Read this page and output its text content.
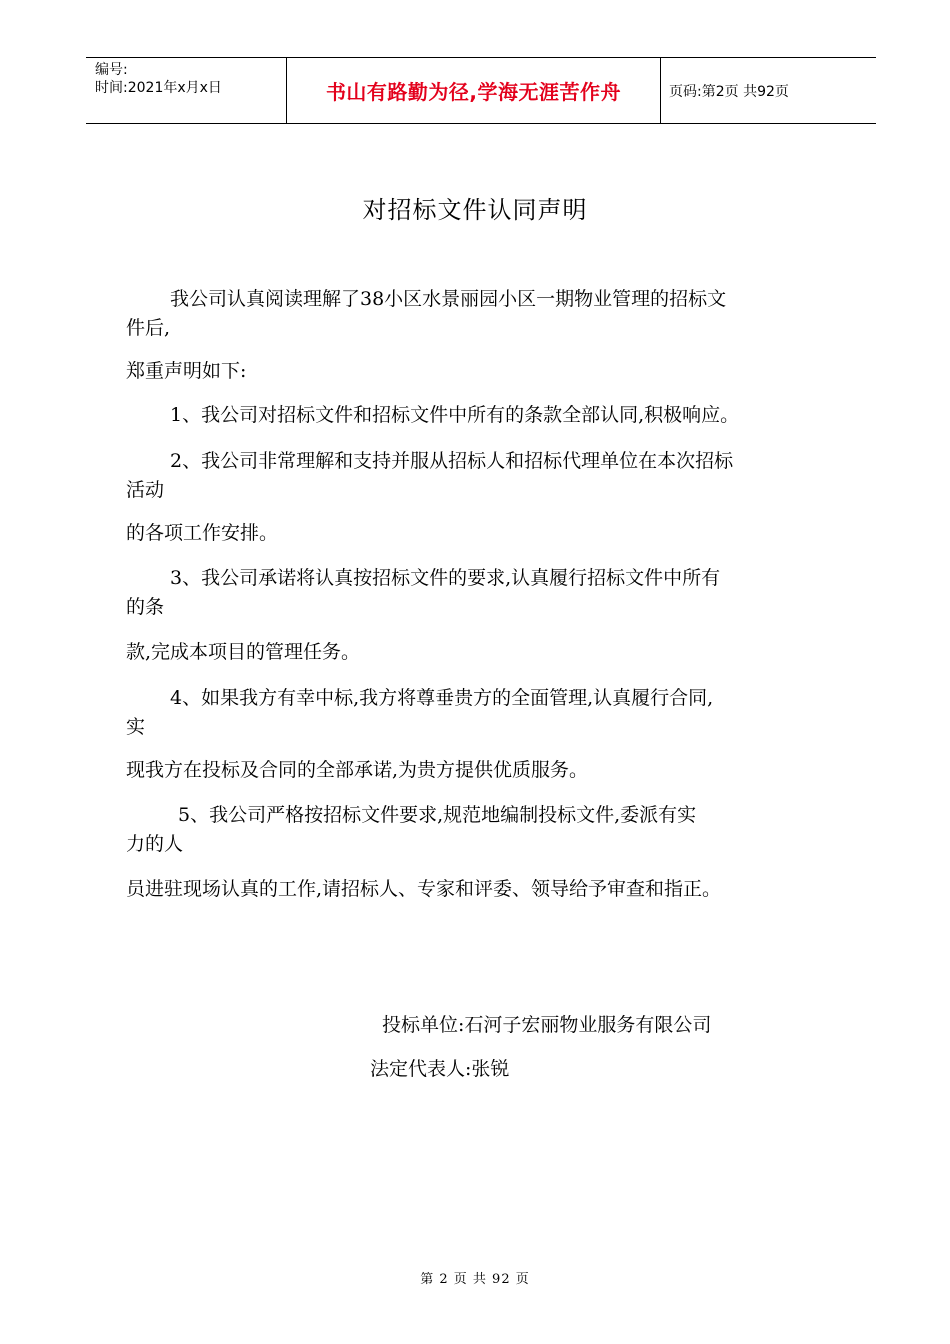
编号:
时间:2021年x月x日	书山有路勤为径,学海无涯苦作舟	页码:第2页 共92页
对招标文件认同声明
我公司认真阅读理解了38小区水景丽园小区一期物业管理的招标文
件后,
郑重声明如下:
1、我公司对招标文件和招标文件中所有的条款全部认同,积极响应。
2、我公司非常理解和支持并服从招标人和招标代理单位在本次招标
活动
的各项工作安排。
3、我公司承诺将认真按招标文件的要求,认真履行招标文件中所有
的条
款,完成本项目的管理任务。
4、如果我方有幸中标,我方将尊垂贵方的全面管理,认真履行合同,
实
现我方在投标及合同的全部承诺,为贵方提供优质服务。
5、我公司严格按招标文件要求,规范地编制投标文件,委派有实
力的人
员进驻现场认真的工作,请招标人、专家和评委、领导给予审查和指正。
投标单位:石河子宏丽物业服务有限公司
法定代表人:张锐
第 2 页 共 92 页
